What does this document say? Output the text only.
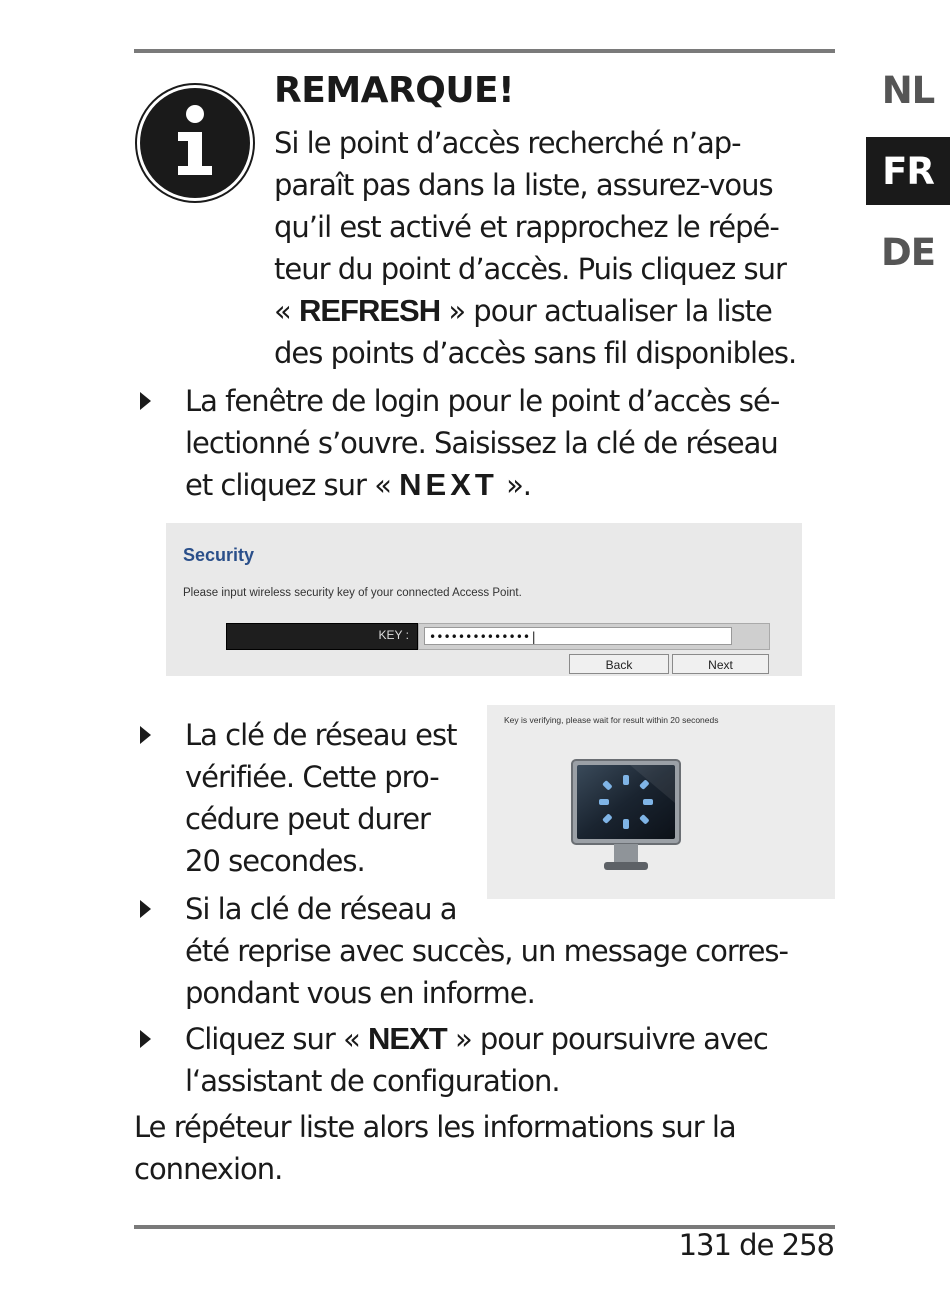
NL
FR
DE
REMARQUE!
Si le point d’accès recherché n’ap-
paraît pas dans la liste, assurez-vous
qu’il est activé et rapprochez le répé-
teur du point d’accès. Puis cliquez sur
« REFRESH » pour actualiser la liste
des points d’accès sans fil disponibles.
La fenêtre de login pour le point d’accès sé-
lectionné s’ouvre. Saisissez la clé de réseau
et cliquez sur « NEXT ».
Security
Please input wireless security key of your connected Access Point.
KEY :	••••••••••••••|
Back	Next
La clé de réseau est
vérifiée. Cette pro-
cédure peut durer
20 secondes.
Key is verifying, please wait for result within 20 seconeds
Si la clé de réseau a
été reprise avec succès, un message corres-
pondant vous en informe.
Cliquez sur « NEXT » pour poursuivre avec
l‘assistant de configuration.
Le répéteur liste alors les informations sur la
connexion.
131 de 258
